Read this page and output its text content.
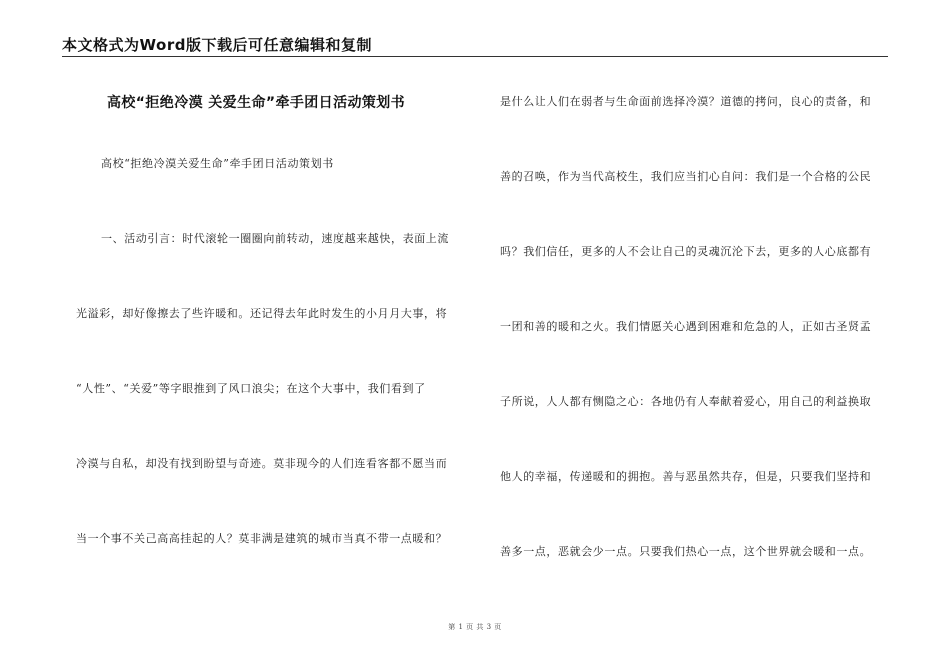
本文格式为Word版下载后可任意编辑和复制
高校“拒绝冷漠 关爱生命”牵手团日活动策划书
高校“拒绝冷漠关爱生命”牵手团日活动策划书
一、活动引言：时代滚轮一圈圈向前转动，速度越来越快，表面上流
光溢彩，却好像擦去了些许暖和。还记得去年此时发生的小月月大事，将
“人性”、“关爱”等字眼推到了风口浪尖；在这个大事中，我们看到了
冷漠与自私，却没有找到盼望与奇迹。莫非现今的人们连看客都不愿当而
当一个事不关己高高挂起的人？莫非满是建筑的城市当真不带一点暖和？
是什么让人们在弱者与生命面前选择冷漠？道德的拷问，良心的责备，和
善的召唤，作为当代高校生，我们应当扪心自问：我们是一个合格的公民
吗？我们信任，更多的人不会让自己的灵魂沉沦下去，更多的人心底都有
一团和善的暖和之火。我们情愿关心遇到困难和危急的人，正如古圣贤孟
子所说，人人都有恻隐之心：各地仍有人奉献着爱心，用自己的利益换取
他人的幸福，传递暖和的拥抱。善与恶虽然共存，但是，只要我们坚持和
善多一点，恶就会少一点。只要我们热心一点，这个世界就会暖和一点。
第 1 页 共 3 页
